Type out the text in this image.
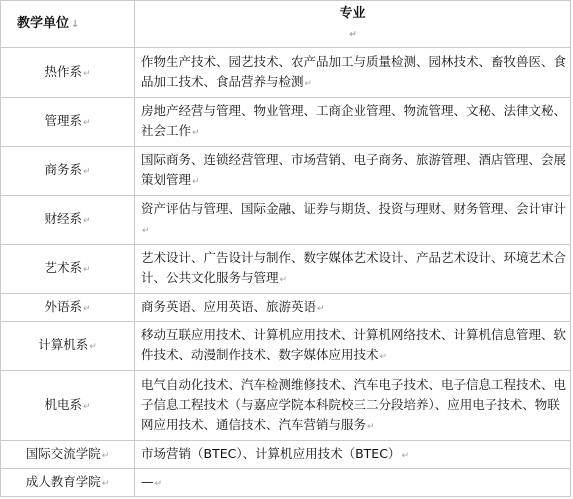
教学单位 ↓	专业
↵
热作系↵	作物生产技术、园艺技术、农产品加工与质量检测、园林技术、畜牧兽医、食品加工技术、食品营养与检测↵
管理系↵	房地产经营与管理、物业管理、工商企业管理、物流管理、文秘、法律文秘、社会工作↵
商务系↵	国际商务、连锁经营管理、市场营销、电子商务、旅游管理、酒店管理、会展策划管理↵
财经系↵	资产评估与管理、国际金融、证券与期货、投资与理财、财务管理、会计审计↵
艺术系↵	艺术设计、广告设计与制作、数字媒体艺术设计、产品艺术设计、环境艺术合计、公共文化服务与管理↵
外语系↵	商务英语、应用英语、旅游英语↵
计算机系↵	移动互联应用技术、计算机应用技术、计算机网络技术、计算机信息管理、软件技术、动漫制作技术、数字媒体应用技术↵
机电系↵	电气自动化技术、汽车检测维修技术、汽车电子技术、电子信息工程技术、电子信息工程技术（与嘉应学院本科院校三二分段培养）、应用电子技术、物联网应用技术、通信技术、汽车营销与服务↵
国际交流学院↵	市场营销（BTEC）、计算机应用技术（BTEC）↵
成人教育学院↵	—↵
